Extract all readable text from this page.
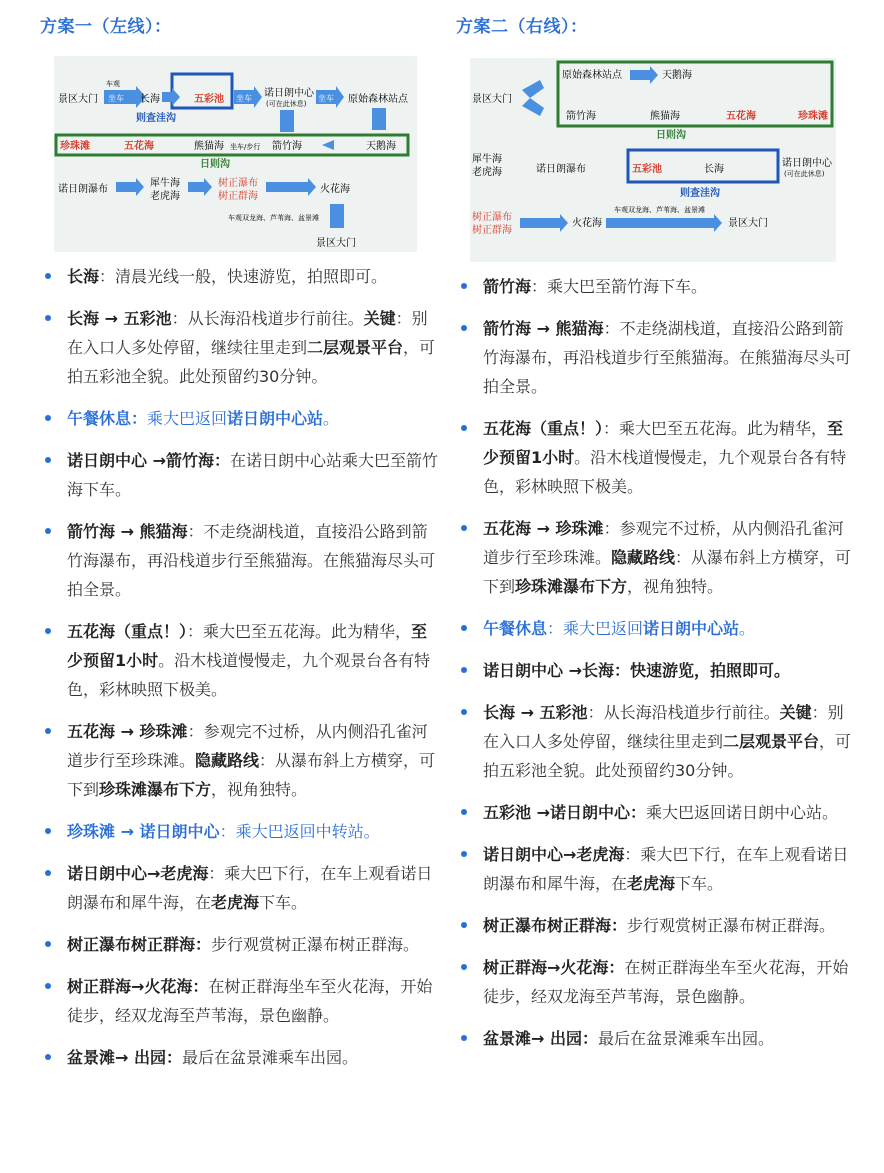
方案一（左线）：
景区大门 坐车
车观
长海	五彩池
则查洼沟
坐车 诺日朗中心
(可在此休息)
坐车 原始森林站点
珍珠滩	五花海	熊猫海	箭竹海	天鹅海
坐车/步行
日则沟
诺日朗瀑布
犀牛海
老虎海
树正瀑布
树正群海
火花海
车观双龙海、芦苇海、盆景滩
景区大门
长海：清晨光线一般，快速游览，拍照即可。
长海 → 五彩池：从长海沿栈道步行前往。关键：别在入口人多处停留，继续往里走到二层观景平台，可拍五彩池全貌。此处预留约30分钟。
午餐休息：乘大巴返回诺日朗中心站。
诺日朗中心 →箭竹海：在诺日朗中心站乘大巴至箭竹海下车。
箭竹海 → 熊猫海：不走绕湖栈道，直接沿公路到箭竹海瀑布，再沿栈道步行至熊猫海。在熊猫海尽头可拍全景。
五花海（重点！）：乘大巴至五花海。此为精华，至少预留1小时。沿木栈道慢慢走，九个观景台各有特色，彩林映照下极美。
五花海 → 珍珠滩：参观完不过桥，从内侧沿孔雀河道步行至珍珠滩。隐藏路线：从瀑布斜上方横穿，可下到珍珠滩瀑布下方，视角独特。
珍珠滩 → 诺日朗中心：乘大巴返回中转站。
诺日朗中心→老虎海：乘大巴下行，在车上观看诺日朗瀑布和犀牛海，在老虎海下车。
树正瀑布树正群海：步行观赏树正瀑布树正群海。
树正群海→火花海：在树正群海坐车至火花海，开始徒步，经双龙海至芦苇海，景色幽静。
盆景滩→ 出园：最后在盆景滩乘车出园。
方案二（右线）：
景区大门
原始森林站点	天鹅海
箭竹海	熊猫海	五花海	珍珠滩
日则沟
犀牛海
老虎海	诺日朗瀑布	五彩池	长海
诺日朗中心
(可在此休息)
则查洼沟
树正瀑布
树正群海
火花海
车观双龙海、芦苇海、盆景滩
景区大门
箭竹海：乘大巴至箭竹海下车。
箭竹海 → 熊猫海：不走绕湖栈道，直接沿公路到箭竹海瀑布，再沿栈道步行至熊猫海。在熊猫海尽头可拍全景。
五花海（重点！）：乘大巴至五花海。此为精华，至少预留1小时。沿木栈道慢慢走，九个观景台各有特色，彩林映照下极美。
五花海 → 珍珠滩：参观完不过桥，从内侧沿孔雀河道步行至珍珠滩。隐藏路线：从瀑布斜上方横穿，可下到珍珠滩瀑布下方，视角独特。
午餐休息：乘大巴返回诺日朗中心站。
诺日朗中心 →长海：快速游览，拍照即可。
长海 → 五彩池：从长海沿栈道步行前往。关键：别在入口人多处停留，继续往里走到二层观景平台，可拍五彩池全貌。此处预留约30分钟。
五彩池 →诺日朗中心：乘大巴返回诺日朗中心站。
诺日朗中心→老虎海：乘大巴下行，在车上观看诺日朗瀑布和犀牛海，在老虎海下车。
树正瀑布树正群海：步行观赏树正瀑布树正群海。
树正群海→火花海：在树正群海坐车至火花海，开始徒步，经双龙海至芦苇海，景色幽静。
盆景滩→ 出园：最后在盆景滩乘车出园。
